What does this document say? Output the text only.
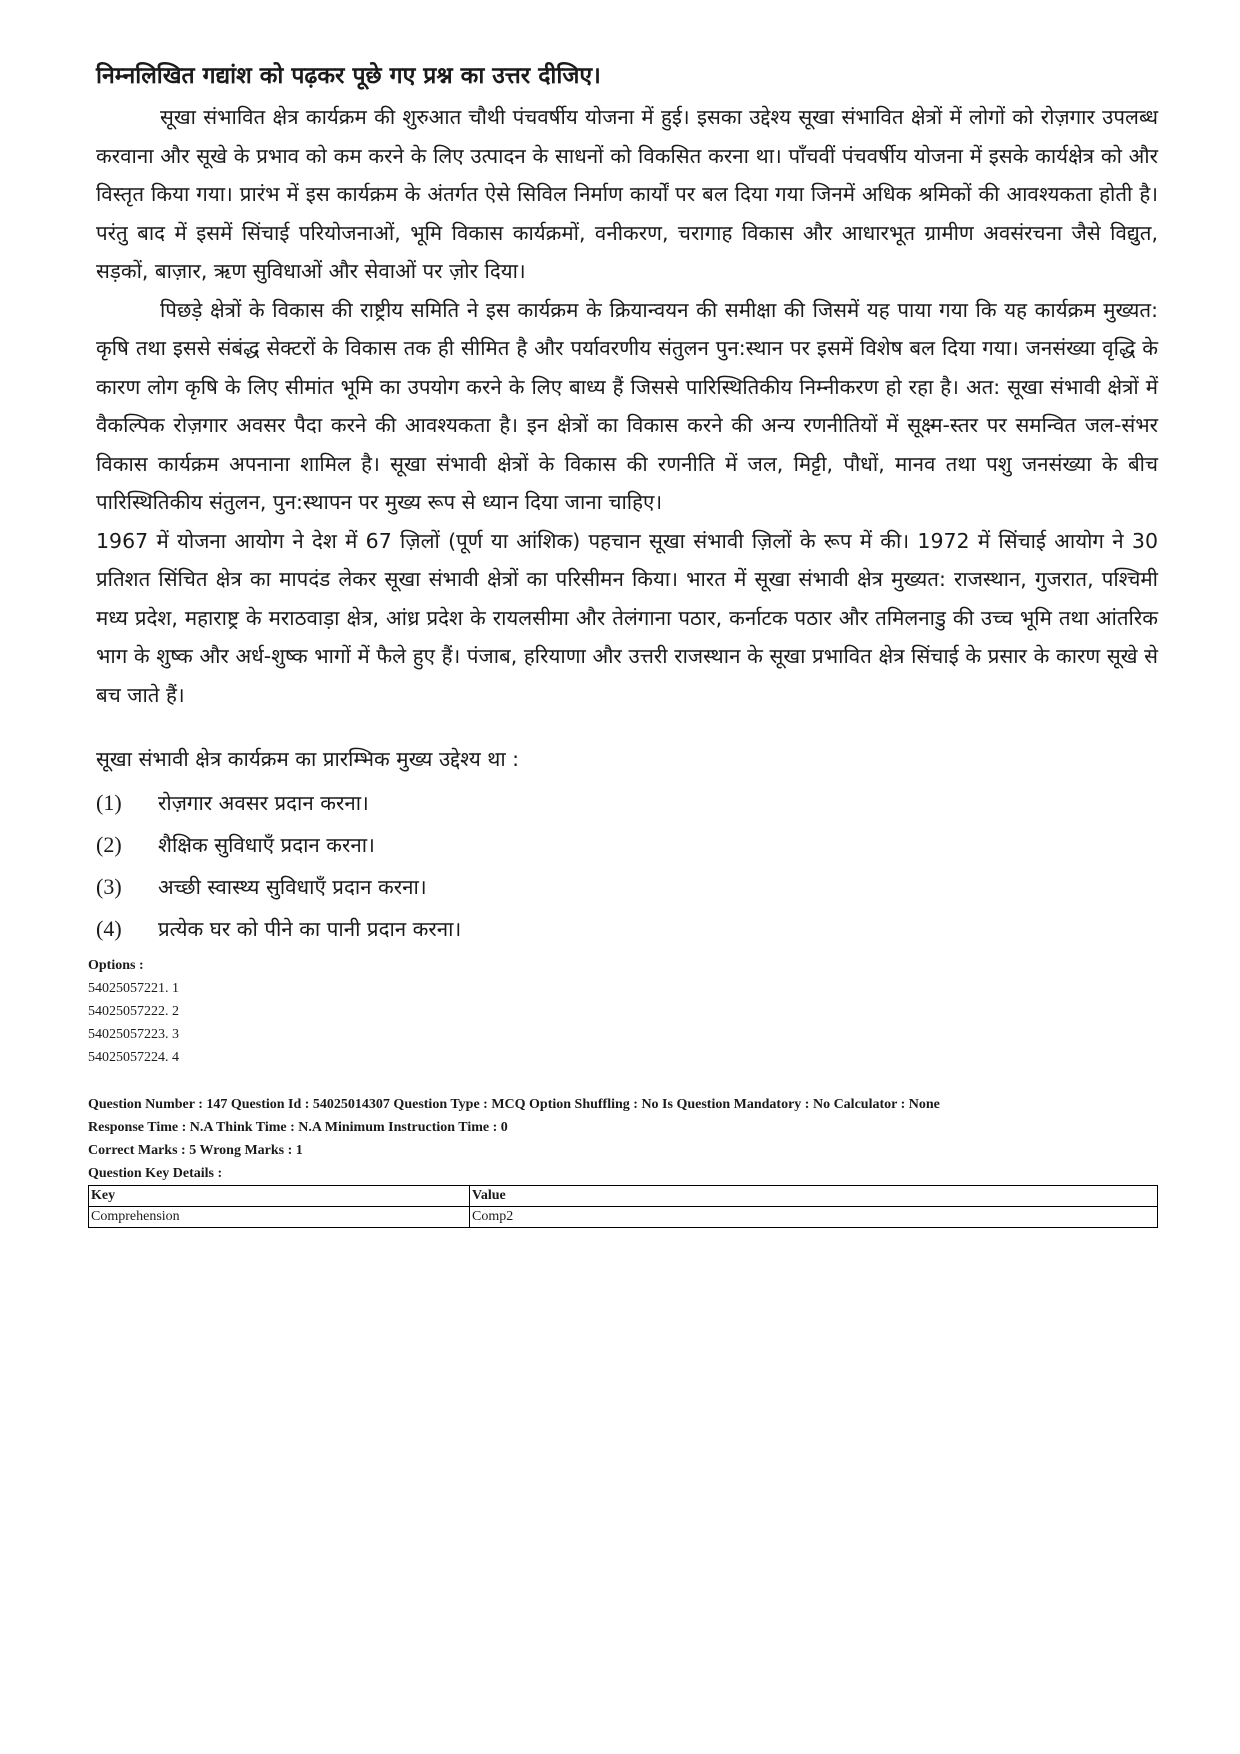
निम्नलिखित गद्यांश को पढ़कर पूछे गए प्रश्न का उत्तर दीजिए।

सूखा संभावित क्षेत्र कार्यक्रम की शुरुआत चौथी पंचवर्षीय योजना में हुई। इसका उद्देश्य सूखा संभावित क्षेत्रों में लोगों को रोज़गार उपलब्ध करवाना और सूखे के प्रभाव को कम करने के लिए उत्पादन के साधनों को विकसित करना था। पाँचवीं पंचवर्षीय योजना में इसके कार्यक्षेत्र को और विस्तृत किया गया। प्रारंभ में इस कार्यक्रम के अंतर्गत ऐसे सिविल निर्माण कार्यों पर बल दिया गया जिनमें अधिक श्रमिकों की आवश्यकता होती है। परंतु बाद में इसमें सिंचाई परियोजनाओं, भूमि विकास कार्यक्रमों, वनीकरण, चरागाह विकास और आधारभूत ग्रामीण अवसंरचना जैसे विद्युत, सड़कों, बाज़ार, ऋण सुविधाओं और सेवाओं पर ज़ोर दिया।

पिछड़े क्षेत्रों के विकास की राष्ट्रीय समिति ने इस कार्यक्रम के क्रियान्वयन की समीक्षा की जिसमें यह पाया गया कि यह कार्यक्रम मुख्यत: कृषि तथा इससे संबंद्ध सेक्टरों के विकास तक ही सीमित है और पर्यावरणीय संतुलन पुन:स्थान पर इसमें विशेष बल दिया गया। जनसंख्या वृद्धि के कारण लोग कृषि के लिए सीमांत भूमि का उपयोग करने के लिए बाध्य हैं जिससे पारिस्थितिकीय निम्नीकरण हो रहा है। अत: सूखा संभावी क्षेत्रों में वैकल्पिक रोज़गार अवसर पैदा करने की आवश्यकता है। इन क्षेत्रों का विकास करने की अन्य रणनीतियों में सूक्ष्म-स्तर पर समन्वित जल-संभर विकास कार्यक्रम अपनाना शामिल है। सूखा संभावी क्षेत्रों के विकास की रणनीति में जल, मिट्टी, पौधों, मानव तथा पशु जनसंख्या के बीच पारिस्थितिकीय संतुलन, पुन:स्थापन पर मुख्य रूप से ध्यान दिया जाना चाहिए।

1967 में योजना आयोग ने देश में 67 ज़िलों (पूर्ण या आंशिक) पहचान सूखा संभावी ज़िलों के रूप में की। 1972 में सिंचाई आयोग ने 30 प्रतिशत सिंचित क्षेत्र का मापदंड लेकर सूखा संभावी क्षेत्रों का परिसीमन किया। भारत में सूखा संभावी क्षेत्र मुख्यत: राजस्थान, गुजरात, पश्चिमी मध्य प्रदेश, महाराष्ट्र के मराठवाड़ा क्षेत्र, आंध्र प्रदेश के रायलसीमा और तेलंगाना पठार, कर्नाटक पठार और तमिलनाडु की उच्च भूमि तथा आंतरिक भाग के शुष्क और अर्ध-शुष्क भागों में फैले हुए हैं। पंजाब, हरियाणा और उत्तरी राजस्थान के सूखा प्रभावित क्षेत्र सिंचाई के प्रसार के कारण सूखे से बच जाते हैं।

सूखा संभावी क्षेत्र कार्यक्रम का प्रारम्भिक मुख्य उद्देश्य था :
(1)	रोज़गार अवसर प्रदान करना।
(2)	शैक्षिक सुविधाएँ प्रदान करना।
(3)	अच्छी स्वास्थ्य सुविधाएँ प्रदान करना।
(4)	प्रत्येक घर को पीने का पानी प्रदान करना।
Options :
54025057221. 1
54025057222. 2
54025057223. 3
54025057224. 4
Question Number : 147 Question Id : 54025014307 Question Type : MCQ Option Shuffling : No Is Question Mandatory : No Calculator : None
Response Time : N.A Think Time : N.A Minimum Instruction Time : 0
Correct Marks : 5 Wrong Marks : 1
Question Key Details :
Key	Value
Comprehension	Comp2
